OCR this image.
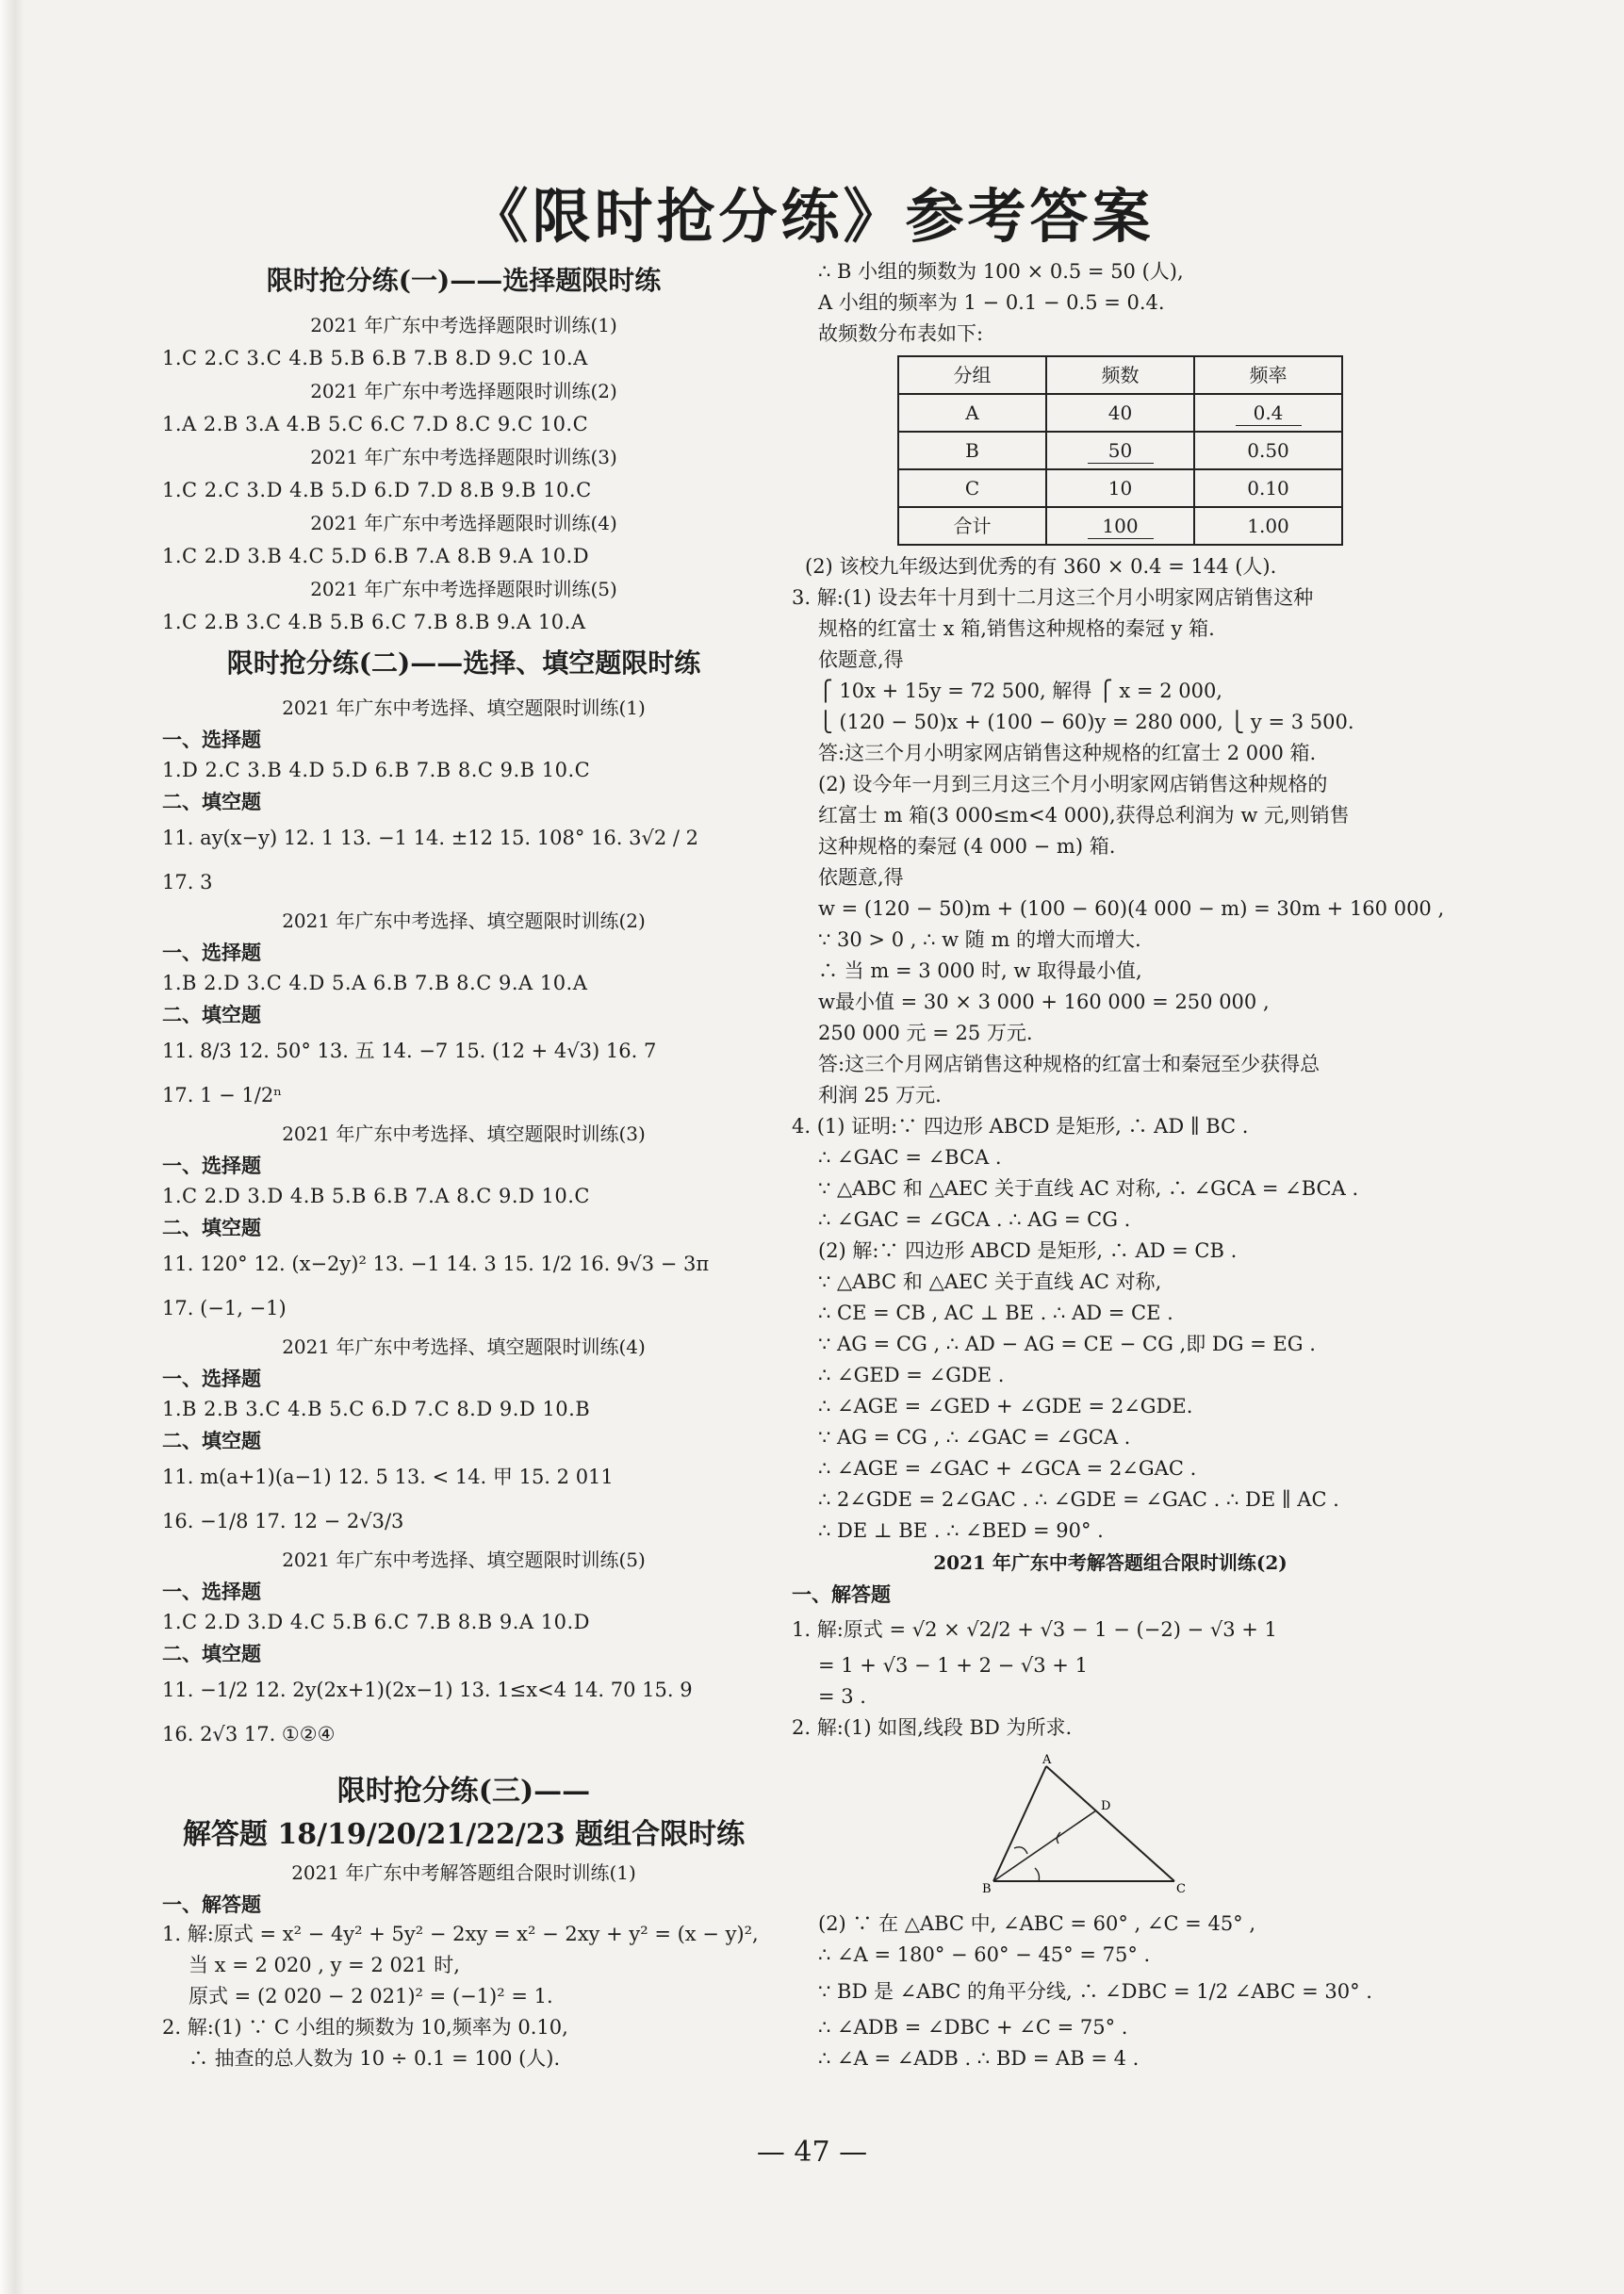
《限时抢分练》参考答案
限时抢分练(一)——选择题限时练
2021 年广东中考选择题限时训练(1)
1.C 2.C 3.C 4.B 5.B 6.B 7.B 8.D 9.C 10.A
2021 年广东中考选择题限时训练(2)
1.A 2.B 3.A 4.B 5.C 6.C 7.D 8.C 9.C 10.C
2021 年广东中考选择题限时训练(3)
1.C 2.C 3.D 4.B 5.D 6.D 7.D 8.B 9.B 10.C
2021 年广东中考选择题限时训练(4)
1.C 2.D 3.B 4.C 5.D 6.B 7.A 8.B 9.A 10.D
2021 年广东中考选择题限时训练(5)
1.C 2.B 3.C 4.B 5.B 6.C 7.B 8.B 9.A 10.A
限时抢分练(二)——选择、填空题限时练
2021 年广东中考选择、填空题限时训练(1)
一、选择题
1.D 2.C 3.B 4.D 5.D 6.B 7.B 8.C 9.B 10.C
二、填空题
11. ay(x−y) 12. 1 13. −1 14. ±12 15. 108° 16. 3√2 / 2
17. 3
2021 年广东中考选择、填空题限时训练(2)
一、选择题
1.B 2.D 3.C 4.D 5.A 6.B 7.B 8.C 9.A 10.A
二、填空题
11. 8/3 12. 50° 13. 五 14. −7 15. (12 + 4√3) 16. 7
17. 1 − 1/2ⁿ
2021 年广东中考选择、填空题限时训练(3)
一、选择题
1.C 2.D 3.D 4.B 5.B 6.B 7.A 8.C 9.D 10.C
二、填空题
11. 120° 12. (x−2y)² 13. −1 14. 3 15. 1/2 16. 9√3 − 3π
17. (−1, −1)
2021 年广东中考选择、填空题限时训练(4)
一、选择题
1.B 2.B 3.C 4.B 5.C 6.D 7.C 8.D 9.D 10.B
二、填空题
11. m(a+1)(a−1) 12. 5 13. < 14. 甲 15. 2 011
16. −1/8 17. 12 − 2√3/3
2021 年广东中考选择、填空题限时训练(5)
一、选择题
1.C 2.D 3.D 4.C 5.B 6.C 7.B 8.B 9.A 10.D
二、填空题
11. −1/2 12. 2y(2x+1)(2x−1) 13. 1≤x<4 14. 70 15. 9
16. 2√3 17. ①②④
限时抢分练(三)——
解答题 18/19/20/21/22/23 题组合限时练
2021 年广东中考解答题组合限时训练(1)
一、解答题
1. 解:原式 = x² − 4y² + 5y² − 2xy = x² − 2xy + y² = (x − y)²,
当 x = 2 020 , y = 2 021 时,
原式 = (2 020 − 2 021)² = (−1)² = 1.
2. 解:(1) ∵ C 小组的频数为 10,频率为 0.10,
∴ 抽查的总人数为 10 ÷ 0.1 = 100 (人).
∴ B 小组的频数为 100 × 0.5 = 50 (人),
A 小组的频率为 1 − 0.1 − 0.5 = 0.4.
故频数分布表如下:
分组	频数	频率
A	40	0.4
B	50	0.50
C	10	0.10
合计	100	1.00
(2) 该校九年级达到优秀的有 360 × 0.4 = 144 (人).
3. 解:(1) 设去年十月到十二月这三个月小明家网店销售这种
规格的红富士 x 箱,销售这种规格的秦冠 y 箱.
依题意,得
⎧ 10x + 15y = 72 500, 解得 ⎧ x = 2 000,
⎩ (120 − 50)x + (100 − 60)y = 280 000, ⎩ y = 3 500.
答:这三个月小明家网店销售这种规格的红富士 2 000 箱.
(2) 设今年一月到三月这三个月小明家网店销售这种规格的
红富士 m 箱(3 000≤m<4 000),获得总利润为 w 元,则销售
这种规格的秦冠 (4 000 − m) 箱.
依题意,得
w = (120 − 50)m + (100 − 60)(4 000 − m) = 30m + 160 000 ,
∵ 30 > 0 , ∴ w 随 m 的增大而增大.
∴ 当 m = 3 000 时, w 取得最小值,
w最小值 = 30 × 3 000 + 160 000 = 250 000 ,
250 000 元 = 25 万元.
答:这三个月网店销售这种规格的红富士和秦冠至少获得总
利润 25 万元.
4. (1) 证明:∵ 四边形 ABCD 是矩形, ∴ AD ∥ BC .
∴ ∠GAC = ∠BCA .
∵ △ABC 和 △AEC 关于直线 AC 对称, ∴ ∠GCA = ∠BCA .
∴ ∠GAC = ∠GCA . ∴ AG = CG .
(2) 解:∵ 四边形 ABCD 是矩形, ∴ AD = CB .
∵ △ABC 和 △AEC 关于直线 AC 对称,
∴ CE = CB , AC ⊥ BE . ∴ AD = CE .
∵ AG = CG , ∴ AD − AG = CE − CG ,即 DG = EG .
∴ ∠GED = ∠GDE .
∴ ∠AGE = ∠GED + ∠GDE = 2∠GDE.
∵ AG = CG , ∴ ∠GAC = ∠GCA .
∴ ∠AGE = ∠GAC + ∠GCA = 2∠GAC .
∴ 2∠GDE = 2∠GAC . ∴ ∠GDE = ∠GAC . ∴ DE ∥ AC .
∴ DE ⊥ BE . ∴ ∠BED = 90° .
2021 年广东中考解答题组合限时训练(2)
一、解答题
1. 解:原式 = √2 × √2/2 + √3 − 1 − (−2) − √3 + 1
= 1 + √3 − 1 + 2 − √3 + 1
= 3 .
2. 解:(1) 如图,线段 BD 为所求.
A
B	C
D
(2) ∵ 在 △ABC 中, ∠ABC = 60° , ∠C = 45° ,
∴ ∠A = 180° − 60° − 45° = 75° .
∵ BD 是 ∠ABC 的角平分线, ∴ ∠DBC = 1/2 ∠ABC = 30° .
∴ ∠ADB = ∠DBC + ∠C = 75° .
∴ ∠A = ∠ADB . ∴ BD = AB = 4 .
— 47 —
